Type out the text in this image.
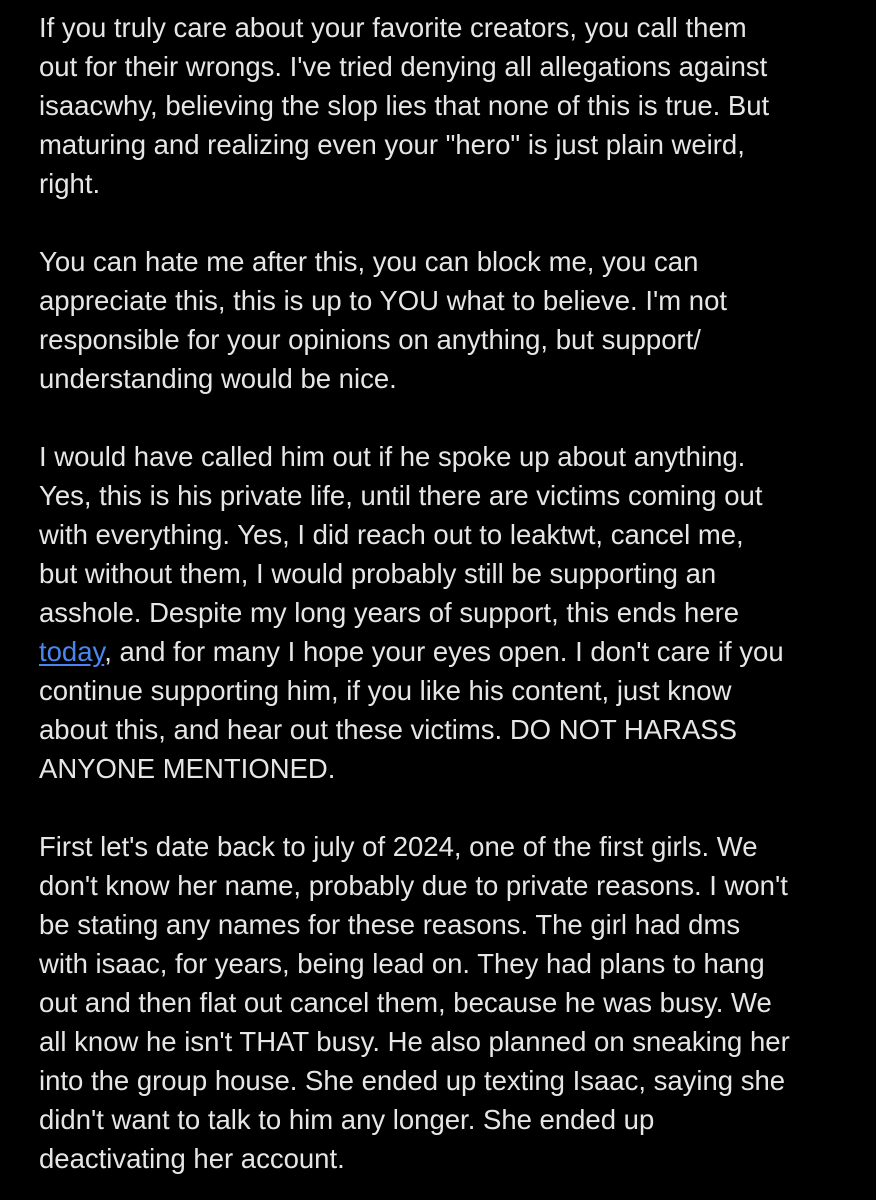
If you truly care about your favorite creators, you call them
out for their wrongs. I've tried denying all allegations against
isaacwhy, believing the slop lies that none of this is true. But
maturing and realizing even your "hero" is just plain weird,
right.
You can hate me after this, you can block me, you can
appreciate this, this is up to YOU what to believe. I'm not
responsible for your opinions on anything, but support/
understanding would be nice.
I would have called him out if he spoke up about anything.
Yes, this is his private life, until there are victims coming out
with everything. Yes, I did reach out to leaktwt, cancel me,
but without them, I would probably still be supporting an
asshole. Despite my long years of support, this ends here
today, and for many I hope your eyes open. I don't care if you
continue supporting him, if you like his content, just know
about this, and hear out these victims. DO NOT HARASS
ANYONE MENTIONED.
First let's date back to july of 2024, one of the first girls. We
don't know her name, probably due to private reasons. I won't
be stating any names for these reasons. The girl had dms
with isaac, for years, being lead on. They had plans to hang
out and then flat out cancel them, because he was busy. We
all know he isn't THAT busy. He also planned on sneaking her
into the group house. She ended up texting Isaac, saying she
didn't want to talk to him any longer. She ended up
deactivating her account.
